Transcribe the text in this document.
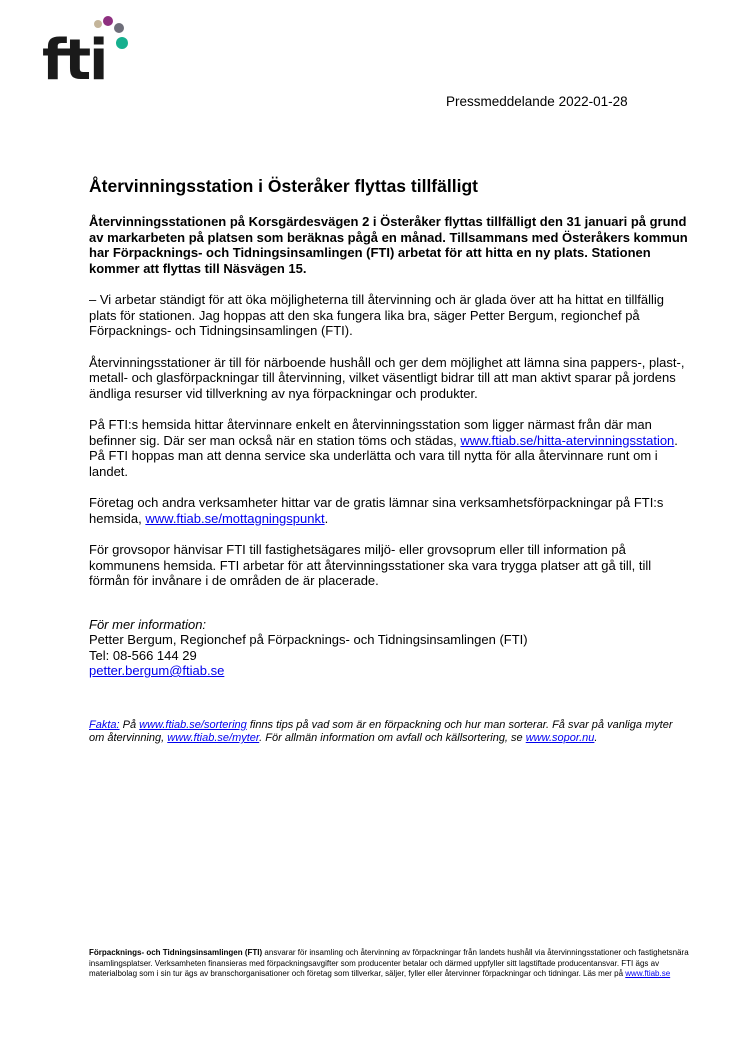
fti
Pressmeddelande 2022-01-28
Återvinningsstation i Österåker flyttas tillfälligt

Återvinningsstationen på Korsgärdesvägen 2 i Österåker flyttas tillfälligt den 31 januari på grund av markarbeten på platsen som beräknas pågå en månad. Tillsammans med Österåkers kommun har Förpacknings- och Tidningsinsamlingen (FTI) arbetat för att hitta en ny plats. Stationen kommer att flyttas till Näsvägen 15.

– Vi arbetar ständigt för att öka möjligheterna till återvinning och är glada över att ha hittat en tillfällig plats för stationen. Jag hoppas att den ska fungera lika bra, säger Petter Bergum, regionchef på Förpacknings- och Tidningsinsamlingen (FTI).

Återvinningsstationer är till för närboende hushåll och ger dem möjlighet att lämna sina pappers-, plast-, metall- och glasförpackningar till återvinning, vilket väsentligt bidrar till att man aktivt sparar på jordens ändliga resurser vid tillverkning av nya förpackningar och produkter.

På FTI:s hemsida hittar återvinnare enkelt en återvinningsstation som ligger närmast från där man befinner sig. Där ser man också när en station töms och städas, www.ftiab.se/hitta-atervinningsstation. På FTI hoppas man att denna service ska underlätta och vara till nytta för alla återvinnare runt om i landet.

Företag och andra verksamheter hittar var de gratis lämnar sina verksamhetsförpackningar på FTI:s hemsida, www.ftiab.se/mottagningspunkt.

För grovsopor hänvisar FTI till fastighetsägares miljö- eller grovsoprum eller till information på kommunens hemsida. FTI arbetar för att återvinningsstationer ska vara trygga platser att gå till, till förmån för invånare i de områden de är placerade.

För mer information:
Petter Bergum, Regionchef på Förpacknings- och Tidningsinsamlingen (FTI)
Tel: 08-566 144 29
petter.bergum@ftiab.se
Fakta: På www.ftiab.se/sortering finns tips på vad som är en förpackning och hur man sorterar. Få svar på vanliga myter om återvinning, www.ftiab.se/myter. För allmän information om avfall och källsortering, se www.sopor.nu.
Förpacknings- och Tidningsinsamlingen (FTI) ansvarar för insamling och återvinning av förpackningar från landets hushåll via återvinningsstationer och fastighetsnära insamlingsplatser. Verksamheten finansieras med förpackningsavgifter som producenter betalar och därmed uppfyller sitt lagstiftade producentansvar. FTI ägs av materialbolag som i sin tur ägs av branschorganisationer och företag som tillverkar, säljer, fyller eller återvinner förpackningar och tidningar. Läs mer på www.ftiab.se
